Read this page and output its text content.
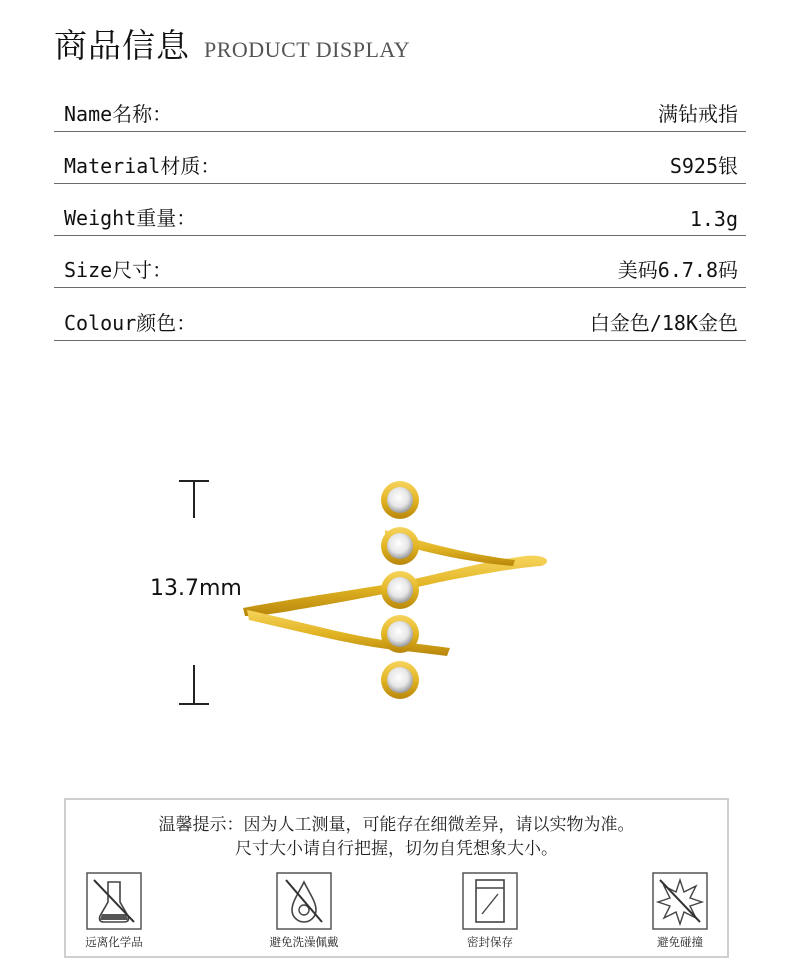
商品信息 PRODUCT DISPLAY
Name名称：	满钻戒指
Material材质：	S925银
Weight重量：	1.3g
Size尺寸：	美码6.7.8码
Colour颜色：	白金色/18K金色
13.7mm
温馨提示：因为人工测量，可能存在细微差异，请以实物为准。
尺寸大小请自行把握，切勿自凭想象大小。
远离化学品	避免洗澡佩戴	密封保存	避免碰撞
